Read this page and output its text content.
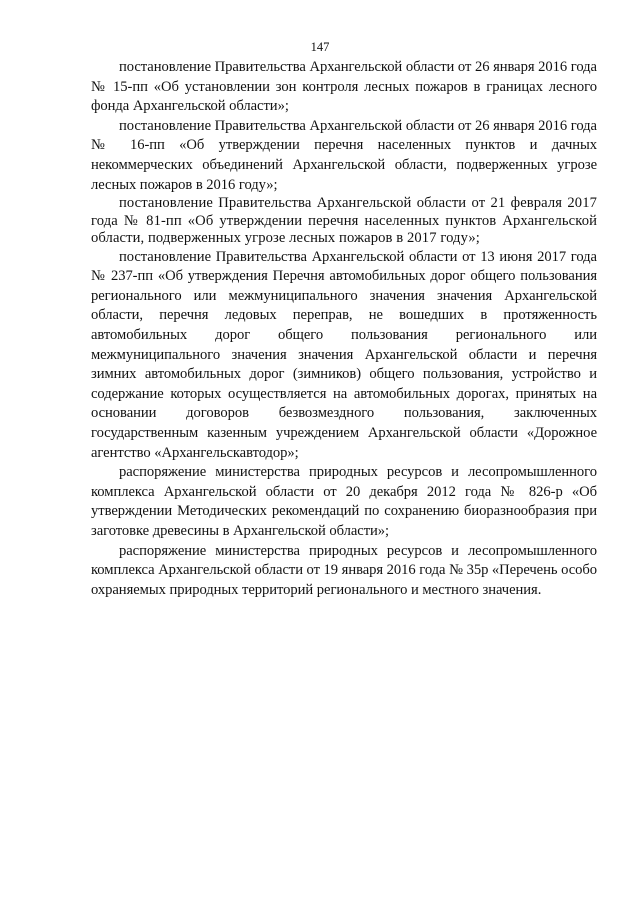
147

постановление Правительства Архангельской области от 26 января 2016 года № 15-пп «Об установлении зон контроля лесных пожаров в границах лесного фонда Архангельской области»;

постановление Правительства Архангельской области от 26 января 2016 года № 16-пп «Об утверждении перечня населенных пунктов и дачных некоммерческих объединений Архангельской области, подверженных угрозе лесных пожаров в 2016 году»;

постановление Правительства Архангельской области от 21 февраля 2017 года № 81-пп «Об утверждении перечня населенных пунктов Архангельской области, подверженных угрозе лесных пожаров в 2017 году»;

постановление Правительства Архангельской области от 13 июня 2017 года № 237-пп «Об утверждения Перечня автомобильных дорог общего пользования регионального или межмуниципального значения значения Архангельской области, перечня ледовых переправ, не вошедших в протяженность автомобильных дорог общего пользования регионального или межмуниципального значения значения Архангельской области и перечня зимних автомобильных дорог (зимников) общего пользования, устройство и содержание которых осуществляется на автомобильных дорогах, принятых на основании договоров безвозмездного пользования, заключенных государственным казенным учреждением Архангельской области «Дорожное агентство «Архангельскавтодор»;

распоряжение министерства природных ресурсов и лесопромышленного комплекса Архангельской области от 20 декабря 2012 года № 826-р «Об утверждении Методических рекомендаций по сохранению биоразнообразия при заготовке древесины в Архангельской области»;

распоряжение министерства природных ресурсов и лесопромышленного комплекса Архангельской области от 19 января 2016 года № 35р «Перечень особо охраняемых природных территорий регионального и местного значения.
